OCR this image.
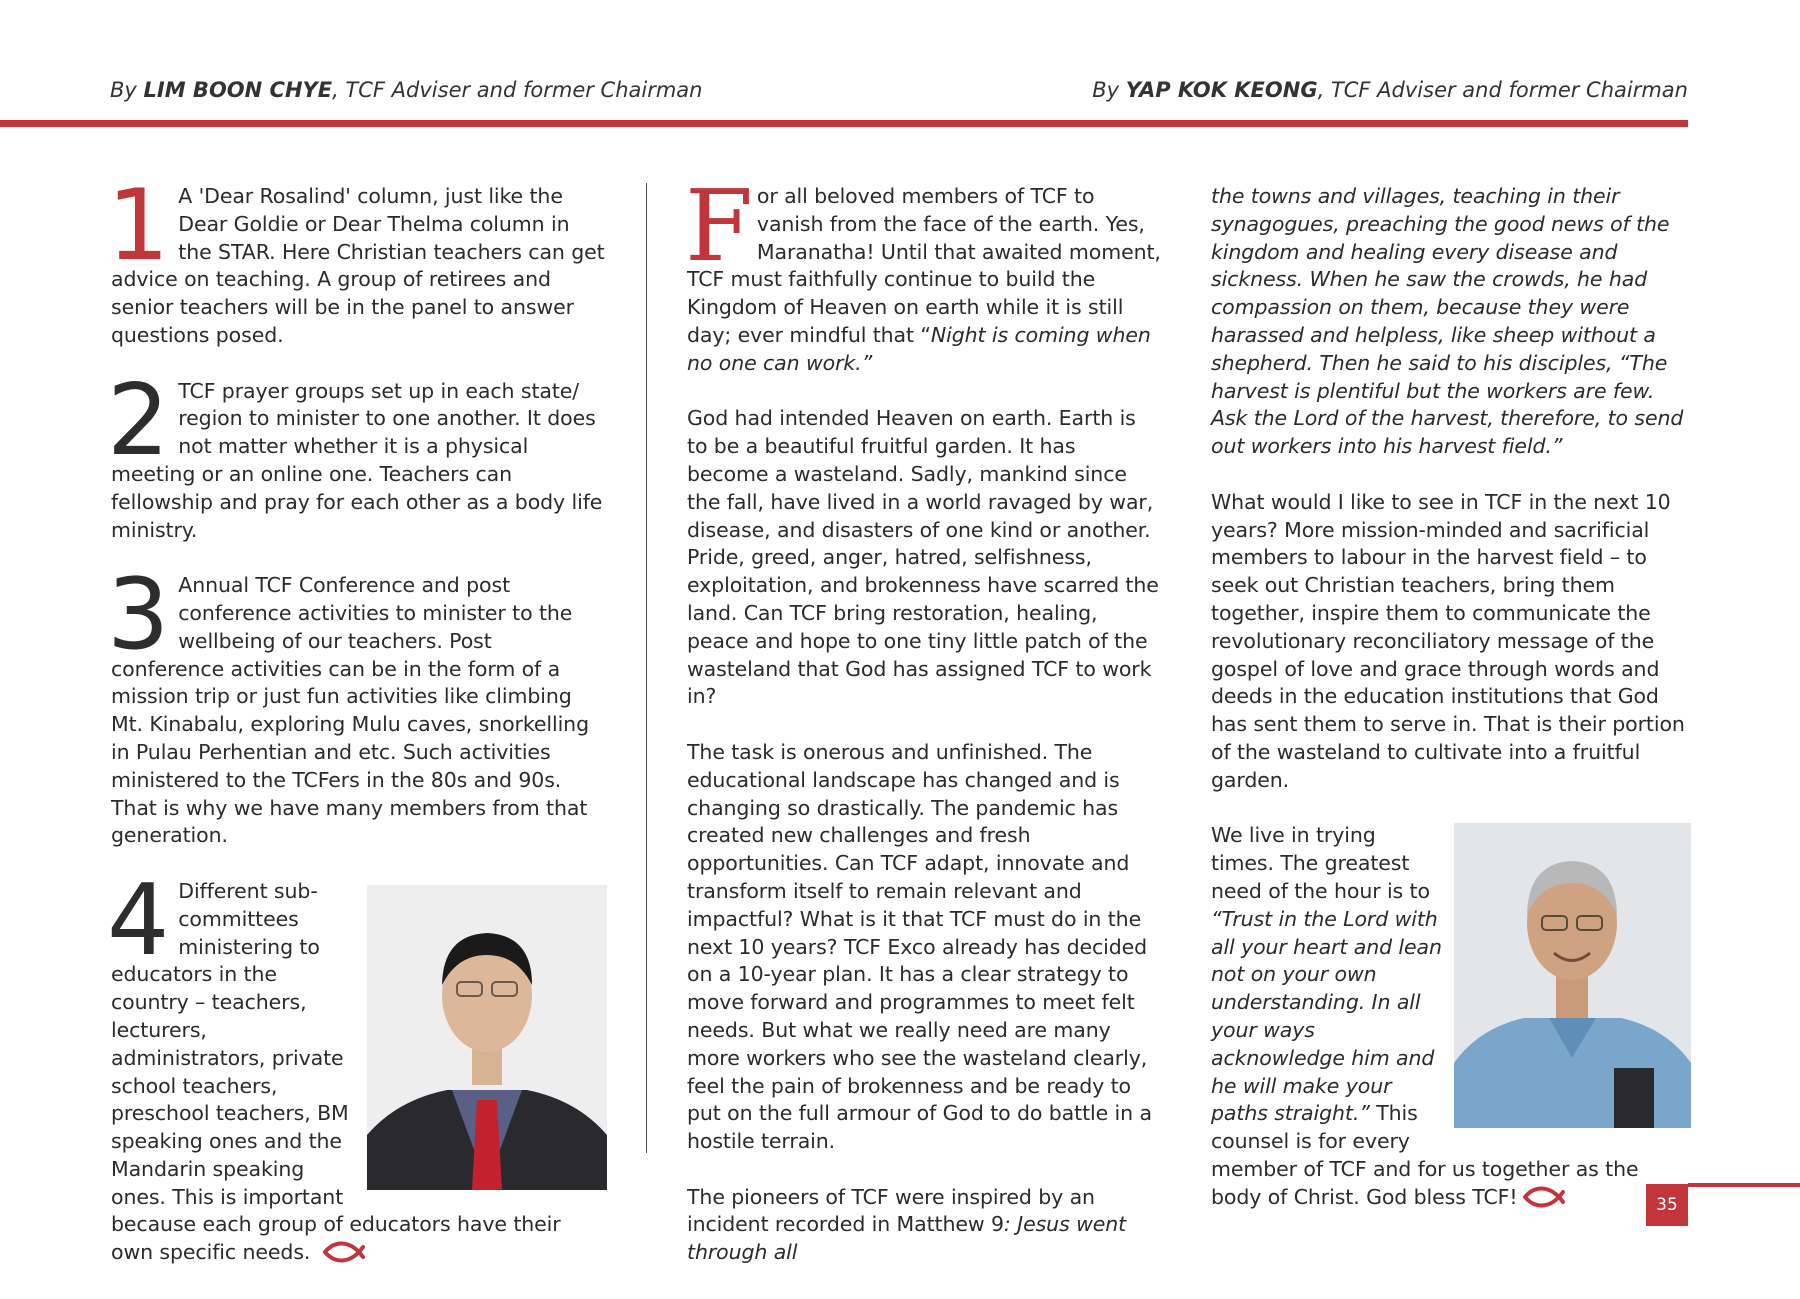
By LIM BOON CHYE, TCF Adviser and former Chairman	By YAP KOK KEONG, TCF Adviser and former Chairman

1 A 'Dear Rosalind' column, just like the Dear Goldie or Dear Thelma column in the STAR. Here Christian teachers can get advice on teaching. A group of retirees and senior teachers will be in the panel to answer questions posed.

2 TCF prayer groups set up in each state/ region to minister to one another. It does not matter whether it is a physical meeting or an online one. Teachers can fellowship and pray for each other as a body life ministry.

3 Annual TCF Conference and post conference activities to minister to the wellbeing of our teachers. Post conference activities can be in the form of a mission trip or just fun activities like climbing Mt. Kinabalu, exploring Mulu caves, snorkelling in Pulau Perhentian and etc. Such activities ministered to the TCFers in the 80s and 90s. That is why we have many members from that generation.

4 Different sub-committees ministering to educators in the country – teachers, lecturers, administrators, private school teachers, preschool teachers, BM speaking ones and the Mandarin speaking ones. This is important because each group of educators have their own specific needs.

For all beloved members of TCF to vanish from the face of the earth. Yes, Maranatha! Until that awaited moment, TCF must faithfully continue to build the Kingdom of Heaven on earth while it is still day; ever mindful that “Night is coming when no one can work.”

God had intended Heaven on earth. Earth is to be a beautiful fruitful garden. It has become a wasteland. Sadly, mankind since the fall, have lived in a world ravaged by war, disease, and disasters of one kind or another. Pride, greed, anger, hatred, selfishness, exploitation, and brokenness have scarred the land. Can TCF bring restoration, healing, peace and hope to one tiny little patch of the wasteland that God has assigned TCF to work in?

The task is onerous and unfinished. The educational landscape has changed and is changing so drastically. The pandemic has created new challenges and fresh opportunities. Can TCF adapt, innovate and transform itself to remain relevant and impactful? What is it that TCF must do in the next 10 years? TCF Exco already has decided on a 10-year plan. It has a clear strategy to move forward and programmes to meet felt needs. But what we really need are many more workers who see the wasteland clearly, feel the pain of brokenness and be ready to put on the full armour of God to do battle in a hostile terrain.

The pioneers of TCF were inspired by an incident recorded in Matthew 9: Jesus went through all

the towns and villages, teaching in their synagogues, preaching the good news of the kingdom and healing every disease and sickness. When he saw the crowds, he had compassion on them, because they were harassed and helpless, like sheep without a shepherd. Then he said to his disciples, “The harvest is plentiful but the workers are few. Ask the Lord of the harvest, therefore, to send out workers into his harvest field.”

What would I like to see in TCF in the next 10 years? More mission-minded and sacrificial members to labour in the harvest field – to seek out Christian teachers, bring them together, inspire them to communicate the revolutionary reconciliatory message of the gospel of love and grace through words and deeds in the education institutions that God has sent them to serve in. That is their portion of the wasteland to cultivate into a fruitful garden.

We live in trying times. The greatest need of the hour is to “Trust in the Lord with all your heart and lean not on your own understanding. In all your ways acknowledge him and he will make your paths straight.” This counsel is for every member of TCF and for us together as the body of Christ. God bless TCF!	35
